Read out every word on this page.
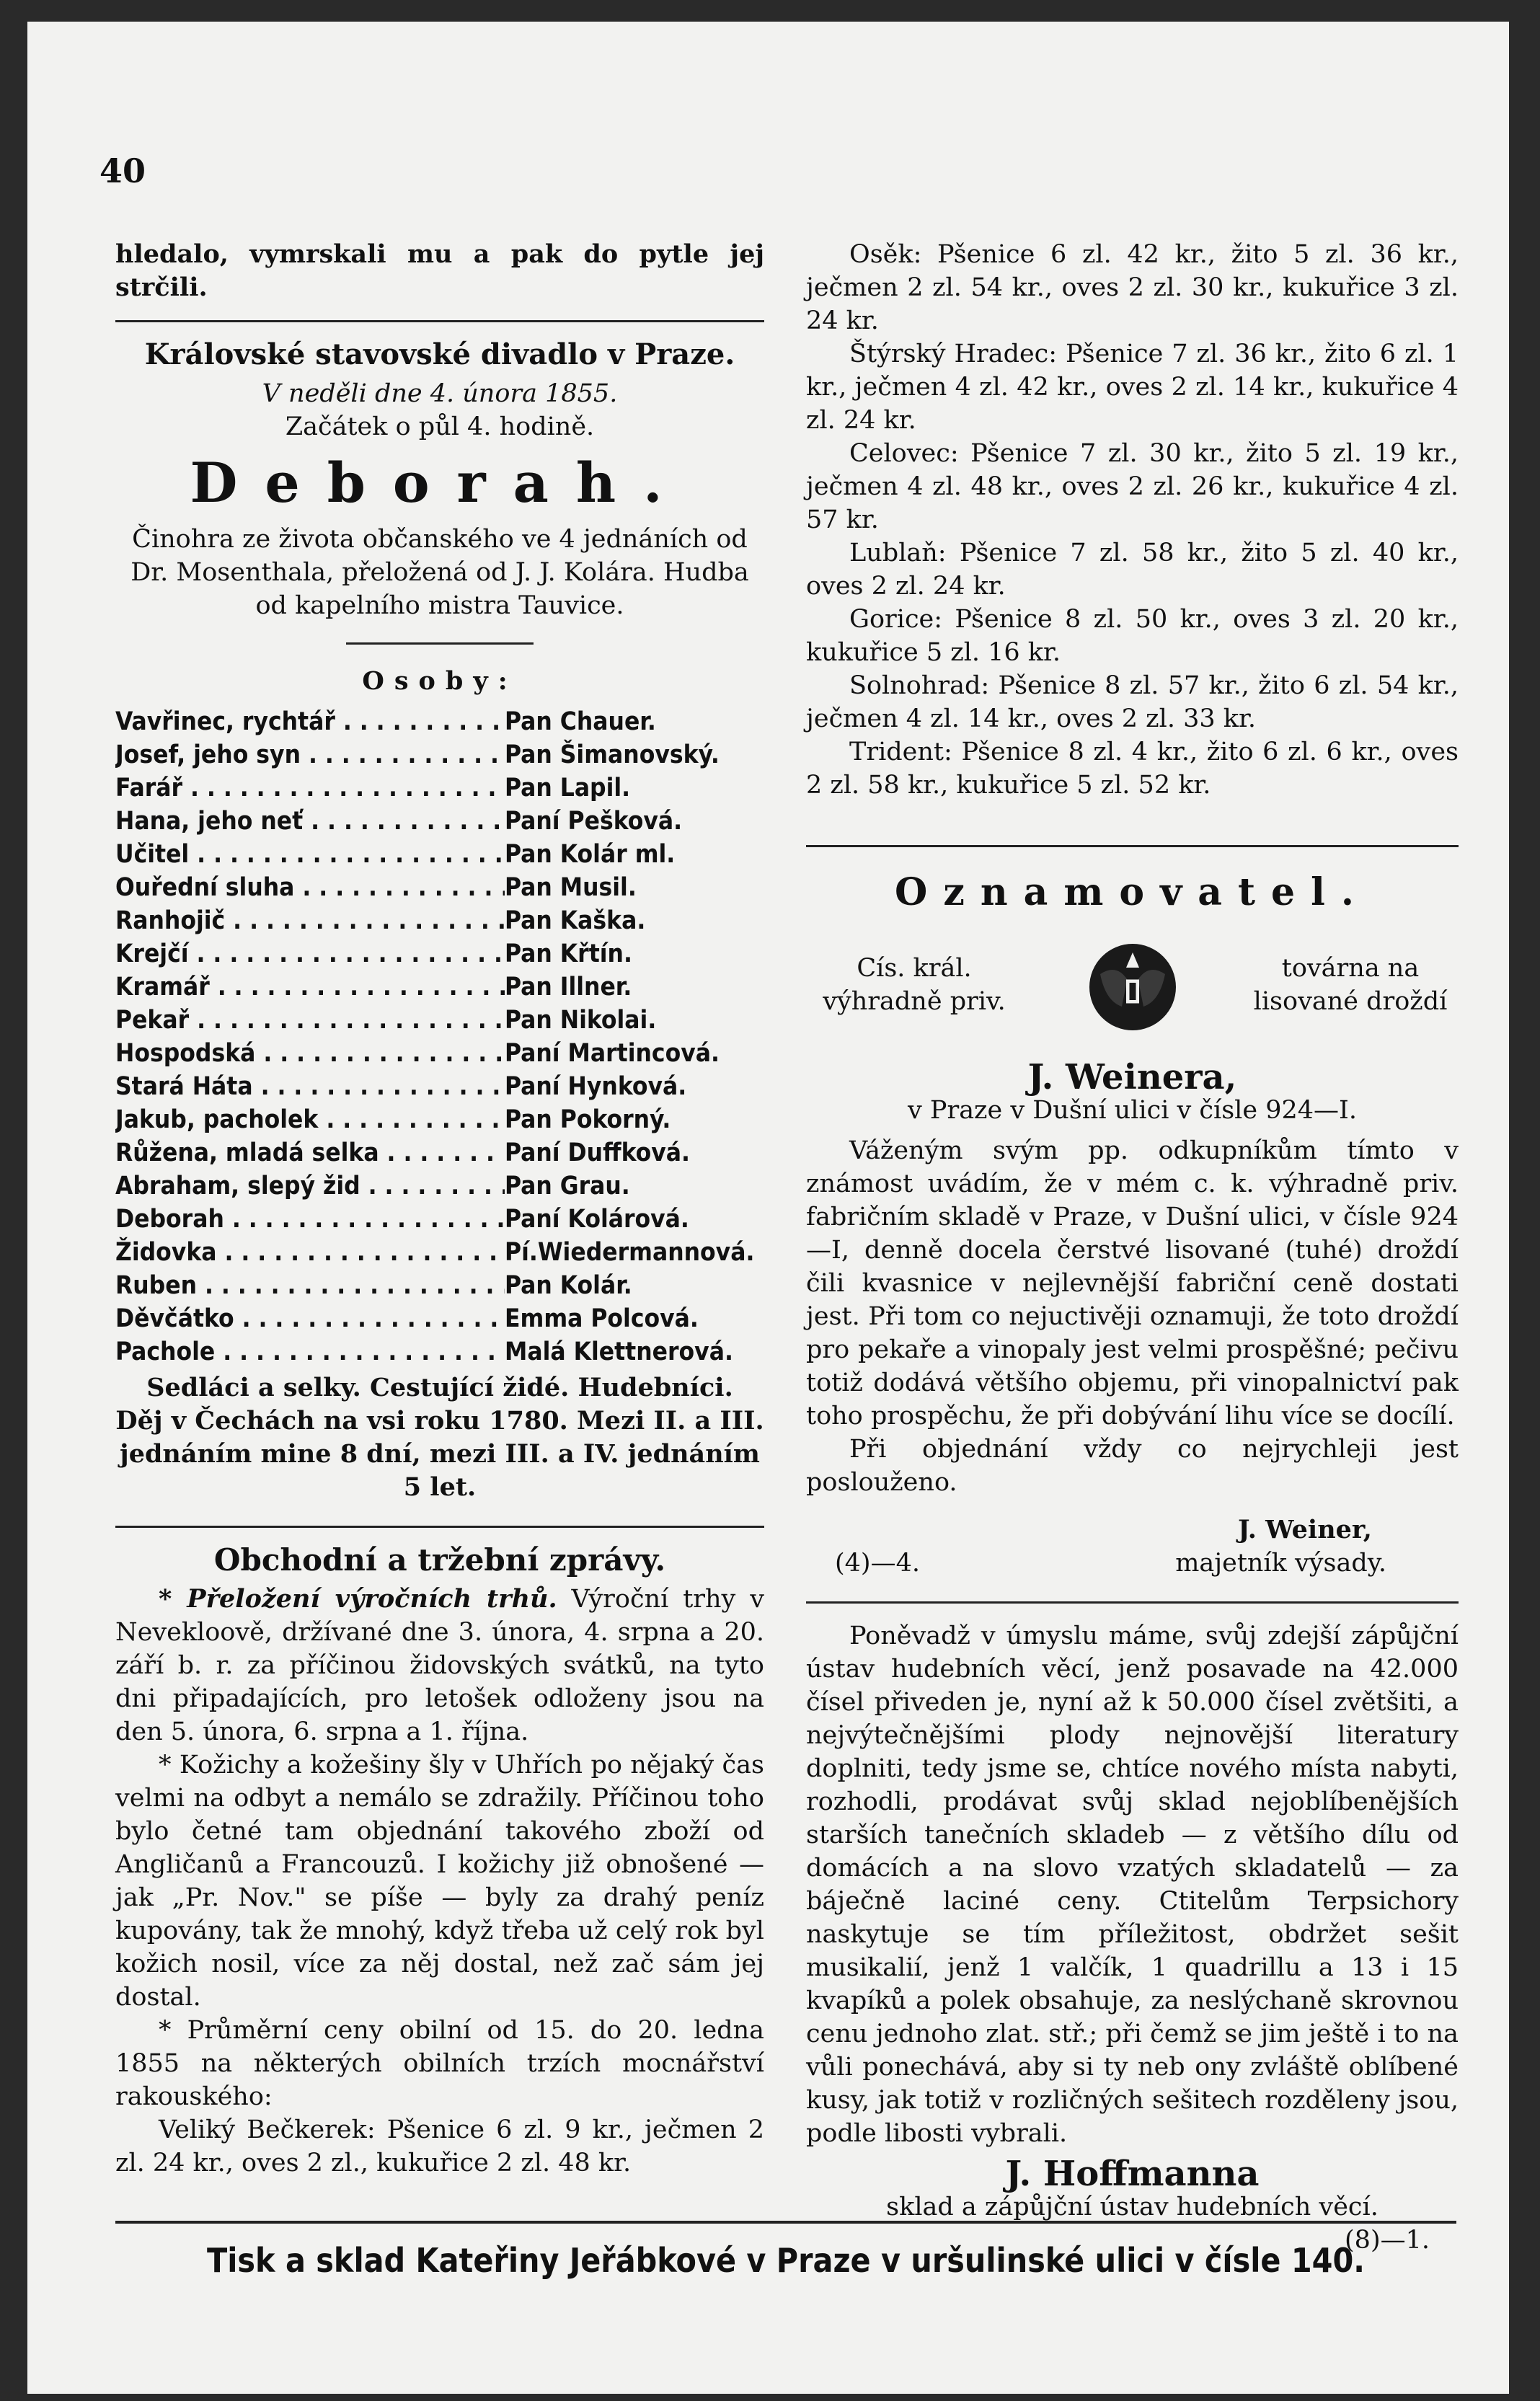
40

hledalo, vymrskali mu a pak do pytle jej strčili.

Královské stavovské divadlo v Praze.
V neděli dne 4. února 1855.
Začátek o půl 4. hodině.
Deborah.

Činohra ze života občanského ve 4 jednáních od Dr. Mosenthala, přeložená od J. J. Kolára. Hudba od kapelního mistra Tauvice.

Osoby:
Vavřinec, rychtář . . .	Pan Chauer.
Josef, jeho syn . . .	Pan Šimanovský.
Farář . . .	Pan Lapil.
Hana, jeho neť . . .	Paní Pešková.
Učitel . . .	Pan Kolár ml.
Ouřední sluha . . .	Pan Musil.
Ranhojič . . .	Pan Kaška.
Krejčí . . .	Pan Křtín.
Kramář . . .	Pan Illner.
Pekař . . .	Pan Nikolai.
Hospodská . . .	Paní Martincová.
Stará Háta . . .	Paní Hynková.
Jakub, pacholek . . .	Pan Pokorný.
Růžena, mladá selka . . .	Paní Duffková.
Abraham, slepý žid . . .	Pan Grau.
Deborah . . .	Paní Kolárová.
Židovka . . .	Pí.Wiedermannová.
Ruben . . .	Pan Kolár.
Děvčátko . . .	Emma Polcová.
Pachole . . .	Malá Klettnerová.

Sedláci a selky. Cestující židé. Hudebníci.

Děj v Čechách na vsi roku 1780. Mezi II. a III. jednáním mine 8 dní, mezi III. a IV. jednáním 5 let.

Obchodní a tržební zprávy.

* Přeložení výročních trhů. Výroční trhy v Nevekloově, držívané dne 3. února, 4. srpna a 20. září b. r. za příčinou židovských svátků, na tyto dni připadajících, pro letošek odloženy jsou na den 5. února, 6. srpna a 1. října.

* Kožichy a kožešiny šly v Uhřích po nějaký čas velmi na odbyt a nemálo se zdražily. Příčinou toho bylo četné tam objednání takového zboží od Angličanů a Francouzů. I kožichy již obnošené — jak „Pr. Nov." se píše — byly za drahý peníz kupovány, tak že mnohý, když třeba už celý rok byl kožich nosil, více za něj dostal, než zač sám jej dostal.

* Průměrní ceny obilní od 15. do 20. ledna 1855 na některých obilních trzích mocnářství rakouského:

Veliký Bečkerek: Pšenice 6 zl. 9 kr., ječmen 2 zl. 24 kr., oves 2 zl., kukuřice 2 zl. 48 kr.

Osěk: Pšenice 6 zl. 42 kr., žito 5 zl. 36 kr., ječmen 2 zl. 54 kr., oves 2 zl. 30 kr., kukuřice 3 zl. 24 kr.

Štýrský Hradec: Pšenice 7 zl. 36 kr., žito 6 zl. 1 kr., ječmen 4 zl. 42 kr., oves 2 zl. 14 kr., kukuřice 4 zl. 24 kr.

Celovec: Pšenice 7 zl. 30 kr., žito 5 zl. 19 kr., ječmen 4 zl. 48 kr., oves 2 zl. 26 kr., kukuřice 4 zl. 57 kr.

Lublaň: Pšenice 7 zl. 58 kr., žito 5 zl. 40 kr., oves 2 zl. 24 kr.

Gorice: Pšenice 8 zl. 50 kr., oves 3 zl. 20 kr., kukuřice 5 zl. 16 kr.

Solnohrad: Pšenice 8 zl. 57 kr., žito 6 zl. 54 kr., ječmen 4 zl. 14 kr., oves 2 zl. 33 kr.

Trident: Pšenice 8 zl. 4 kr., žito 6 zl. 6 kr., oves 2 zl. 58 kr., kukuřice 5 zl. 52 kr.

Oznamovatel.
Cís. král. výhradně priv.
továrna na lisované droždí
J. Weinera,
v Praze v Dušní ulici v čísle 924—I.

Váženým svým pp. odkupníkům tímto v známost uvádím, že v mém c. k. výhradně priv. fabričním skladě v Praze, v Dušní ulici, v čísle 924—I, denně docela čerstvé lisované (tuhé) droždí čili kvasnice v nejlevnější fabriční ceně dostati jest. Při tom co nejuctivěji oznamuji, že toto droždí pro pekaře a vinopaly jest velmi prospěšné; pečivu totiž dodává většího objemu, při vinopalnictví pak toho prospěchu, že při dobývání lihu více se docílí.

Při objednání vždy co nejrychleji jest poslouženo.

J. Weiner,
(4)—4.	majetník výsady.

Poněvadž v úmyslu máme, svůj zdejší zápůjční ústav hudebních věcí, jenž posavade na 42.000 čísel přiveden je, nyní až k 50.000 čísel zvětšiti, a nejvýtečnějšími plody nejnovější literatury doplniti, tedy jsme se, chtíce nového místa nabyti, rozhodli, prodávat svůj sklad nejoblíbenějších starších tanečních skladeb — z většího dílu od domácích a na slovo vzatých skladatelů — za báječně laciné ceny. Ctitelům Terpsichory naskytuje se tím příležitost, obdržet sešit musikalií, jenž 1 valčík, 1 quadrillu a 13 i 15 kvapíků a polek obsahuje, za neslýchaně skrovnou cenu jednoho zlat. stř.; při čemž se jim ještě i to na vůli ponechává, aby si ty neb ony zvláště oblíbené kusy, jak totiž v rozličných sešitech rozděleny jsou, podle libosti vybrali.

J. Hoffmanna
sklad a zápůjční ústav hudebních věcí.
(8)—1.
Tisk a sklad Kateřiny Jeřábkové v Praze v uršulinské ulici v čísle 140.
